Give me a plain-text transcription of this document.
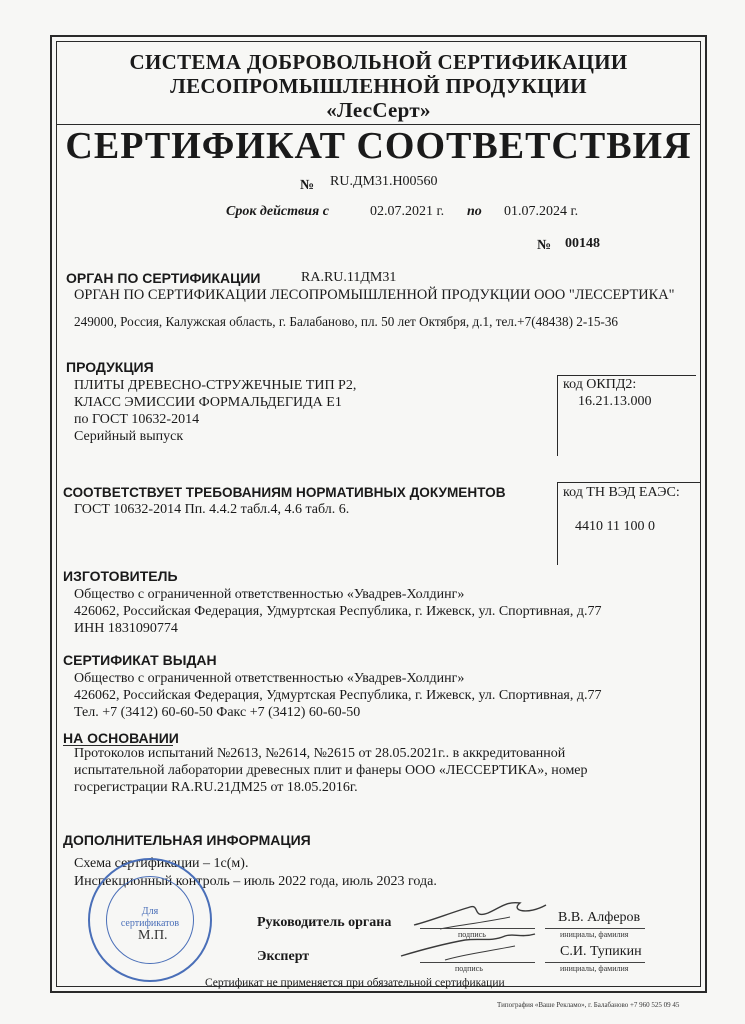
СИСТЕМА ДОБРОВОЛЬНОЙ СЕРТИФИКАЦИИ
ЛЕСОПРОМЫШЛЕННОЙ ПРОДУКЦИИ
«ЛесСерт»
СЕРТИФИКАТ СООТВЕТСТВИЯ
№ RU.ДМ31.Н00560
Срок действия с	02.07.2021 г. по 01.07.2024 г.
№ 00148
ОРГАН ПО СЕРТИФИКАЦИИ	RA.RU.11ДМ31
ОРГАН ПО СЕРТИФИКАЦИИ ЛЕСОПРОМЫШЛЕННОЙ ПРОДУКЦИИ ООО "ЛЕССЕРТИКА"
249000, Россия, Калужская область, г. Балабаново, пл. 50 лет Октября, д.1, тел.+7(48438) 2-15-36
ПРОДУКЦИЯ
ПЛИТЫ ДРЕВЕСНО-СТРУЖЕЧНЫЕ ТИП Р2,
КЛАСС ЭМИССИИ ФОРМАЛЬДЕГИДА Е1
по ГОСТ 10632-2014
Серийный выпуск
код ОКПД2:
16.21.13.000
СООТВЕТСТВУЕТ ТРЕБОВАНИЯМ НОРМАТИВНЫХ ДОКУМЕНТОВ
ГОСТ 10632-2014 Пп. 4.4.2 табл.4, 4.6 табл. 6.
код ТН ВЭД ЕАЭС:
4410 11 100 0
ИЗГОТОВИТЕЛЬ
Общество с ограниченной ответственностью «Увадрев-Холдинг»
426062, Российская Федерация, Удмуртская Республика, г. Ижевск, ул. Спортивная, д.77
ИНН 1831090774
СЕРТИФИКАТ ВЫДАН
Общество с ограниченной ответственностью «Увадрев-Холдинг»
426062, Российская Федерация, Удмуртская Республика, г. Ижевск, ул. Спортивная, д.77
Тел. +7 (3412) 60-60-50 Факс +7 (3412) 60-60-50
НА ОСНОВАНИИ
Протоколов испытаний №2613, №2614, №2615 от 28.05.2021г.. в аккредитованной
испытательной лаборатории древесных плит и фанеры ООО «ЛЕССЕРТИКА», номер
госрегистрации RA.RU.21ДМ25 от 18.05.2016г.
ДОПОЛНИТЕЛЬНАЯ ИНФОРМАЦИЯ
Схема сертификации – 1с(м).
Инспекционный контроль – июль 2022 года, июль 2023 года.
Для
сертификатов
М.П.
Руководитель органа
подпись
В.В. Алферов
инициалы, фамилия
Эксперт
подпись
С.И. Тупикин
инициалы, фамилия
Сертификат не применяется при обязательной сертификации
Типография «Ваше Рекламо», г. Балабаново +7 960 525 09 45
